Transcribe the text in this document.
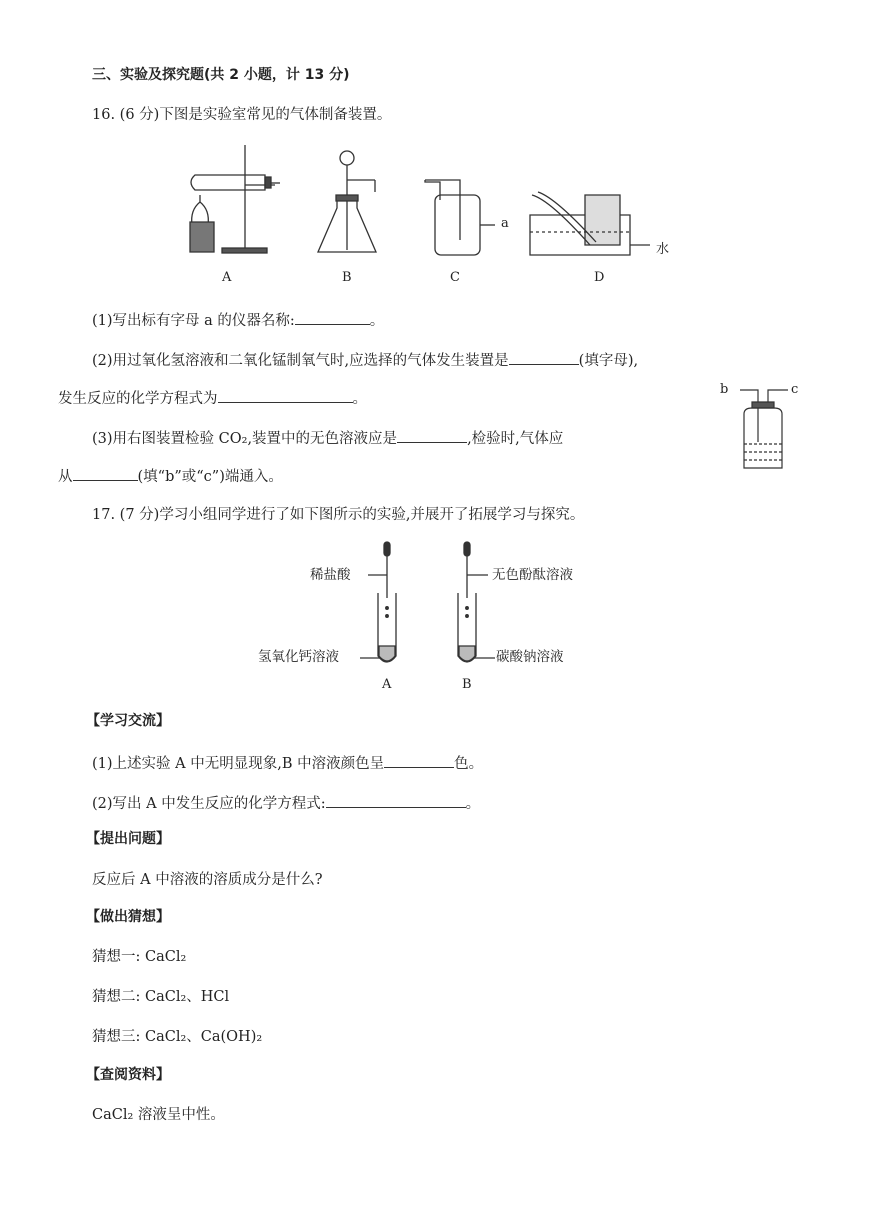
三、实验及探究题(共 2 小题，计 13 分)
16. (6 分)下图是实验室常见的气体制备装置。
A	B	C	D
a
水
(1)写出标有字母 a 的仪器名称:	。
(2)用过氧化氢溶液和二氧化锰制氧气时,应选择的气体发生装置是	(填字母),
发生反应的化学方程式为	。
(3)用右图装置检验 CO₂,装置中的无色溶液应是	,检验时,气体应
从	(填“b”或“c”)端通入。
b	c
17. (7 分)学习小组同学进行了如下图所示的实验,并展开了拓展学习与探究。
稀盐酸
氢氧化钙溶液
无色酚酞溶液
碳酸钠溶液
A	B
【学习交流】
(1)上述实验 A 中无明显现象,B 中溶液颜色呈	色。
(2)写出 A 中发生反应的化学方程式:	。
【提出问题】
反应后 A 中溶液的溶质成分是什么?
【做出猜想】
猜想一: CaCl₂
猜想二: CaCl₂、HCl
猜想三: CaCl₂、Ca(OH)₂
【查阅资料】
CaCl₂ 溶液呈中性。
